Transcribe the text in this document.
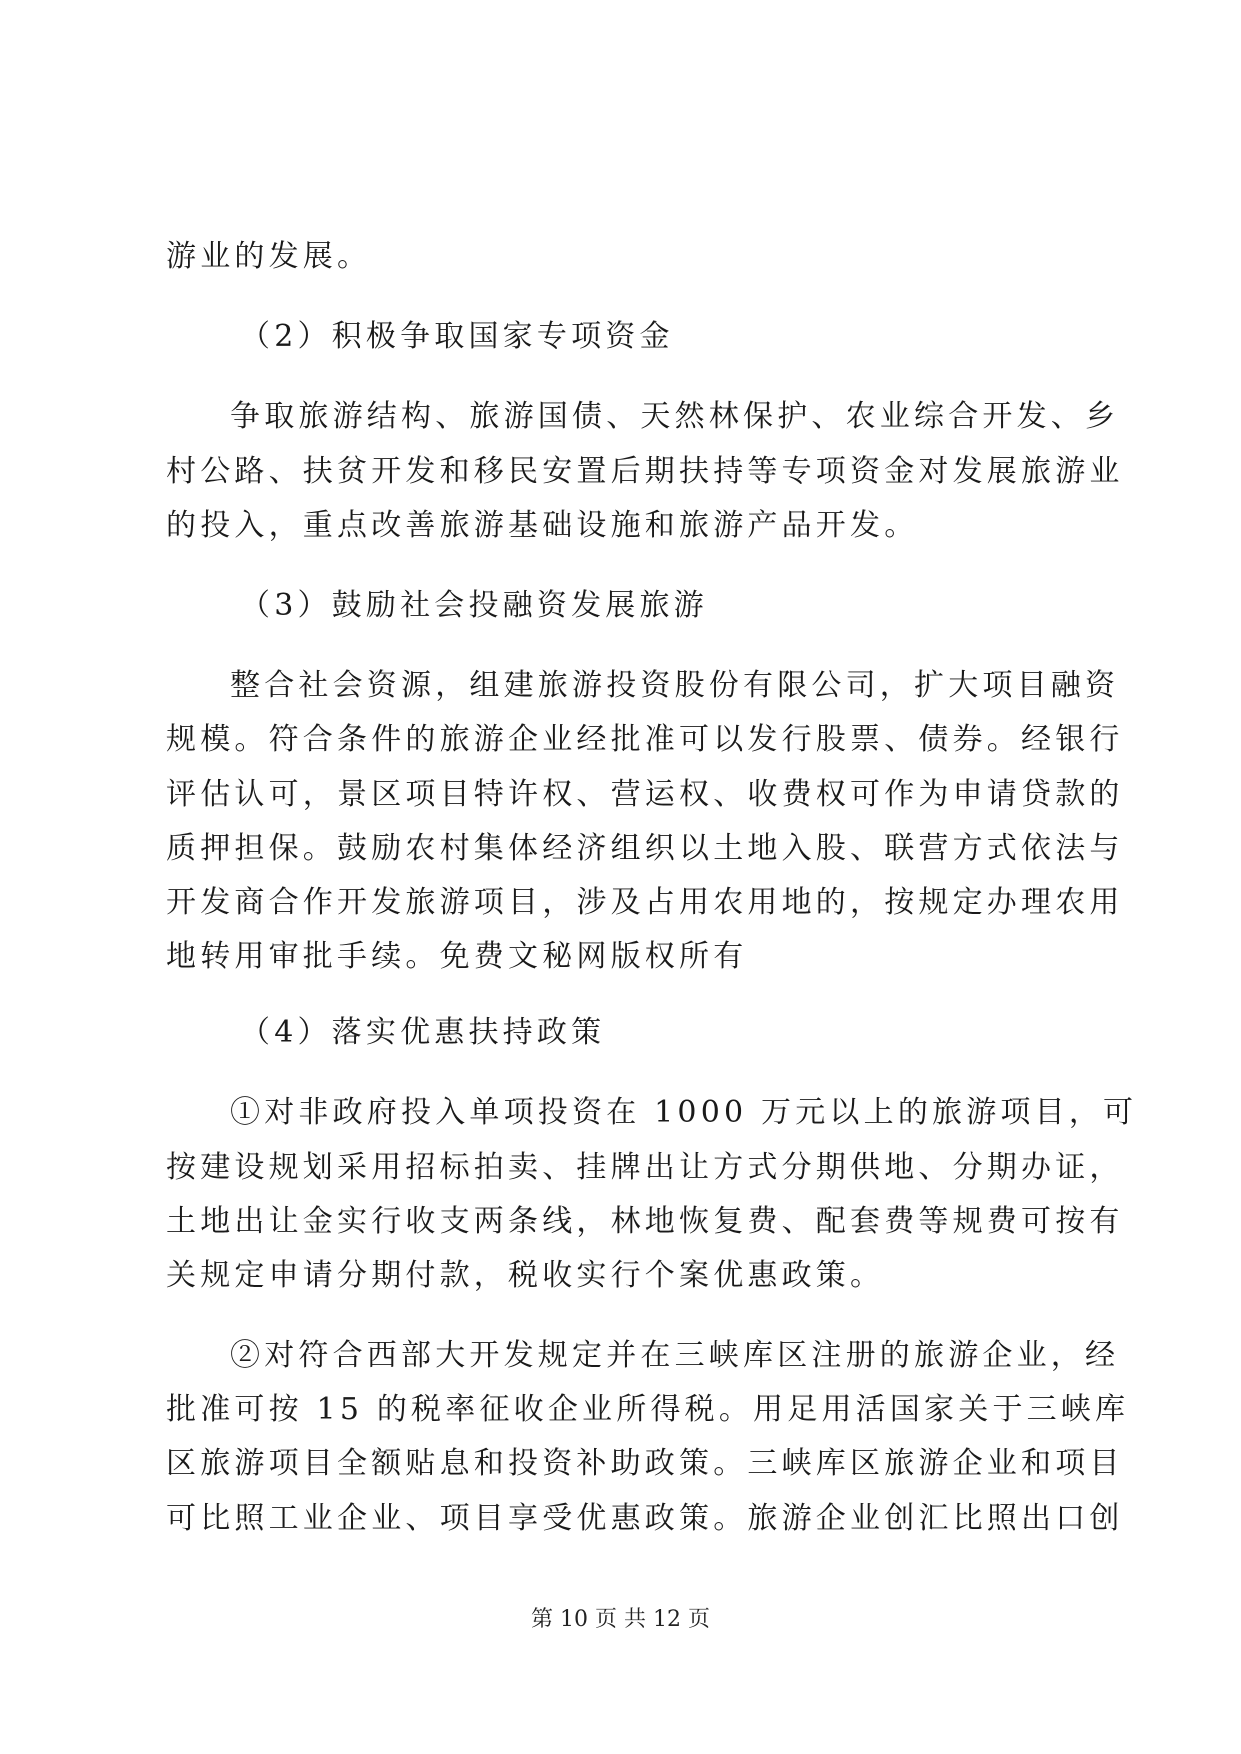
游业的发展。
（2）积极争取国家专项资金
争取旅游结构、旅游国债、天然林保护、农业综合开发、乡
村公路、扶贫开发和移民安置后期扶持等专项资金对发展旅游业
的投入，重点改善旅游基础设施和旅游产品开发。
（3）鼓励社会投融资发展旅游
整合社会资源，组建旅游投资股份有限公司，扩大项目融资
规模。符合条件的旅游企业经批准可以发行股票、债券。经银行
评估认可，景区项目特许权、营运权、收费权可作为申请贷款的
质押担保。鼓励农村集体经济组织以土地入股、联营方式依法与
开发商合作开发旅游项目，涉及占用农用地的，按规定办理农用
地转用审批手续。免费文秘网版权所有
（4）落实优惠扶持政策
①对非政府投入单项投资在 1000 万元以上的旅游项目，可
按建设规划采用招标拍卖、挂牌出让方式分期供地、分期办证，
土地出让金实行收支两条线，林地恢复费、配套费等规费可按有
关规定申请分期付款，税收实行个案优惠政策。
②对符合西部大开发规定并在三峡库区注册的旅游企业，经
批准可按 15 的税率征收企业所得税。用足用活国家关于三峡库
区旅游项目全额贴息和投资补助政策。三峡库区旅游企业和项目
可比照工业企业、项目享受优惠政策。旅游企业创汇比照出口创
第 10 页 共 12 页
